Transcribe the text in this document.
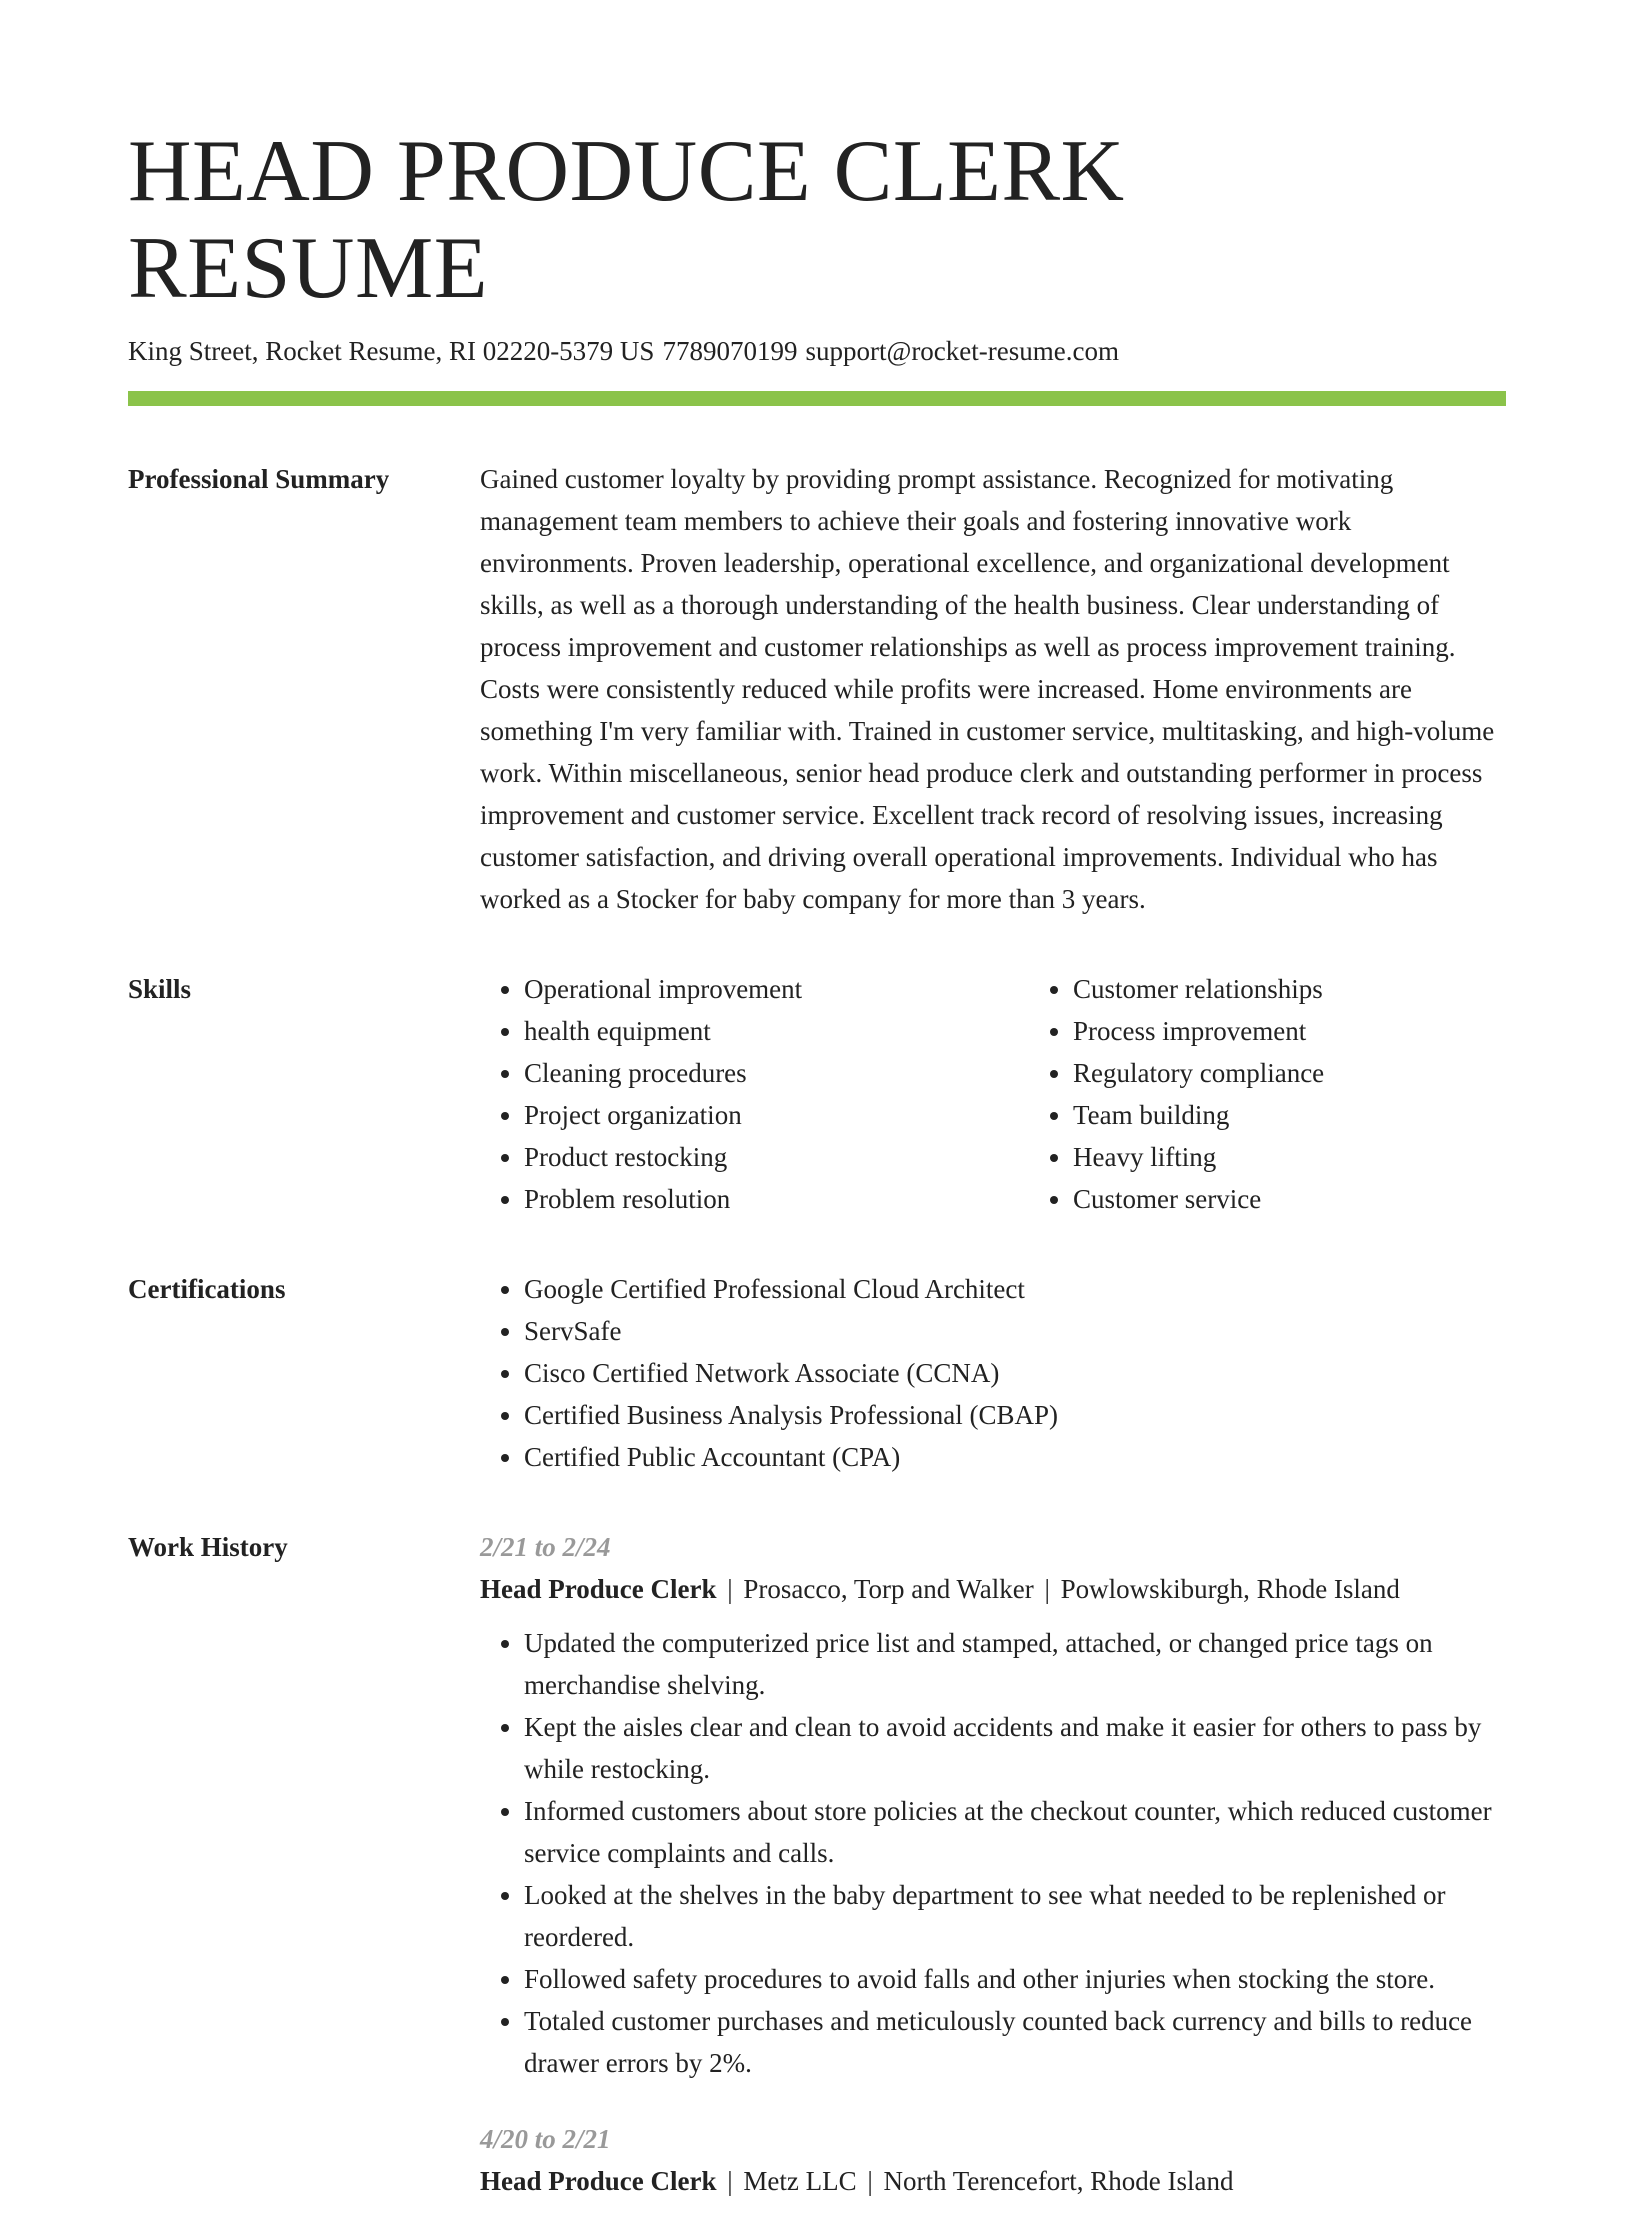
HEAD PRODUCE CLERK RESUME
King Street, Rocket Resume, RI 02220-5379 US 7789070199 support@rocket-resume.com
Professional Summary	Gained customer loyalty by providing prompt assistance. Recognized for motivating management team members to achieve their goals and fostering innovative work environments. Proven leadership, operational excellence, and organizational development skills, as well as a thorough understanding of the health business. Clear understanding of process improvement and customer relationships as well as process improvement training. Costs were consistently reduced while profits were increased. Home environments are something I'm very familiar with. Trained in customer service, multitasking, and high-volume work. Within miscellaneous, senior head produce clerk and outstanding performer in process improvement and customer service. Excellent track record of resolving issues, increasing customer satisfaction, and driving overall operational improvements. Individual who has worked as a Stocker for baby company for more than 3 years.

Skills	• Operational improvement
• health equipment
• Cleaning procedures
• Project organization
• Product restocking
• Problem resolution
• Customer relationships
• Process improvement
• Regulatory compliance
• Team building
• Heavy lifting
• Customer service
Certifications	• Google Certified Professional Cloud Architect
• ServSafe
• Cisco Certified Network Associate (CCNA)
• Certified Business Analysis Professional (CBAP)
• Certified Public Accountant (CPA)
Work History	2/21 to 2/24
Head Produce Clerk | Prosacco, Torp and Walker | Powlowskiburgh, Rhode Island
• Updated the computerized price list and stamped, attached, or changed price tags on merchandise shelving.
• Kept the aisles clear and clean to avoid accidents and make it easier for others to pass by while restocking.
• Informed customers about store policies at the checkout counter, which reduced customer service complaints and calls.
• Looked at the shelves in the baby department to see what needed to be replenished or reordered.
• Followed safety procedures to avoid falls and other injuries when stocking the store.
• Totaled customer purchases and meticulously counted back currency and bills to reduce drawer errors by 2%.
4/20 to 2/21
Head Produce Clerk | Metz LLC | North Terencefort, Rhode Island
